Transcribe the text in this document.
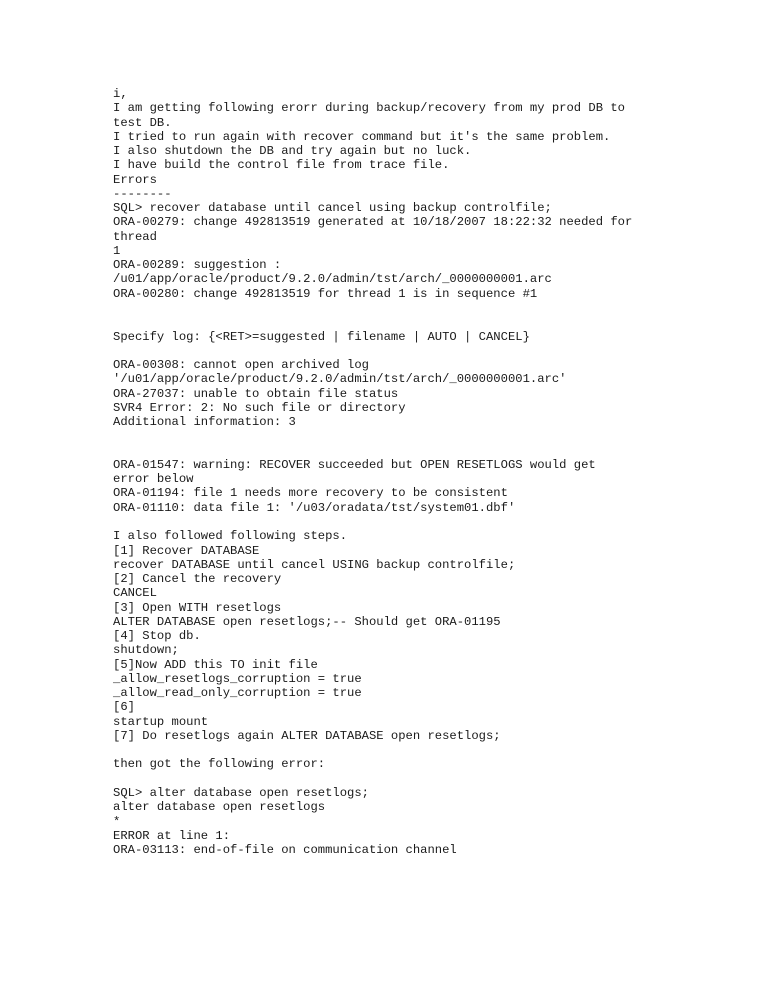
i,
I am getting following erorr during backup/recovery from my prod DB to
test DB.
I tried to run again with recover command but it's the same problem.
I also shutdown the DB and try again but no luck.
I have build the control file from trace file.
Errors
--------
SQL> recover database until cancel using backup controlfile;
ORA-00279: change 492813519 generated at 10/18/2007 18:22:32 needed for
thread
1
ORA-00289: suggestion :
/u01/app/oracle/product/9.2.0/admin/tst/arch/_0000000001.arc
ORA-00280: change 492813519 for thread 1 is in sequence #1
Specify log: {<RET>=suggested | filename | AUTO | CANCEL}
ORA-00308: cannot open archived log
'/u01/app/oracle/product/9.2.0/admin/tst/arch/_0000000001.arc'
ORA-27037: unable to obtain file status
SVR4 Error: 2: No such file or directory
Additional information: 3
ORA-01547: warning: RECOVER succeeded but OPEN RESETLOGS would get
error below
ORA-01194: file 1 needs more recovery to be consistent
ORA-01110: data file 1: '/u03/oradata/tst/system01.dbf'
I also followed following steps.
[1] Recover DATABASE
recover DATABASE until cancel USING backup controlfile;
[2] Cancel the recovery
CANCEL
[3] Open WITH resetlogs
ALTER DATABASE open resetlogs;-- Should get ORA-01195
[4] Stop db.
shutdown;
[5]Now ADD this TO init file
_allow_resetlogs_corruption = true
_allow_read_only_corruption = true
[6]
startup mount
[7] Do resetlogs again ALTER DATABASE open resetlogs;
then got the following error:
SQL> alter database open resetlogs;
alter database open resetlogs
*
ERROR at line 1:
ORA-03113: end-of-file on communication channel
